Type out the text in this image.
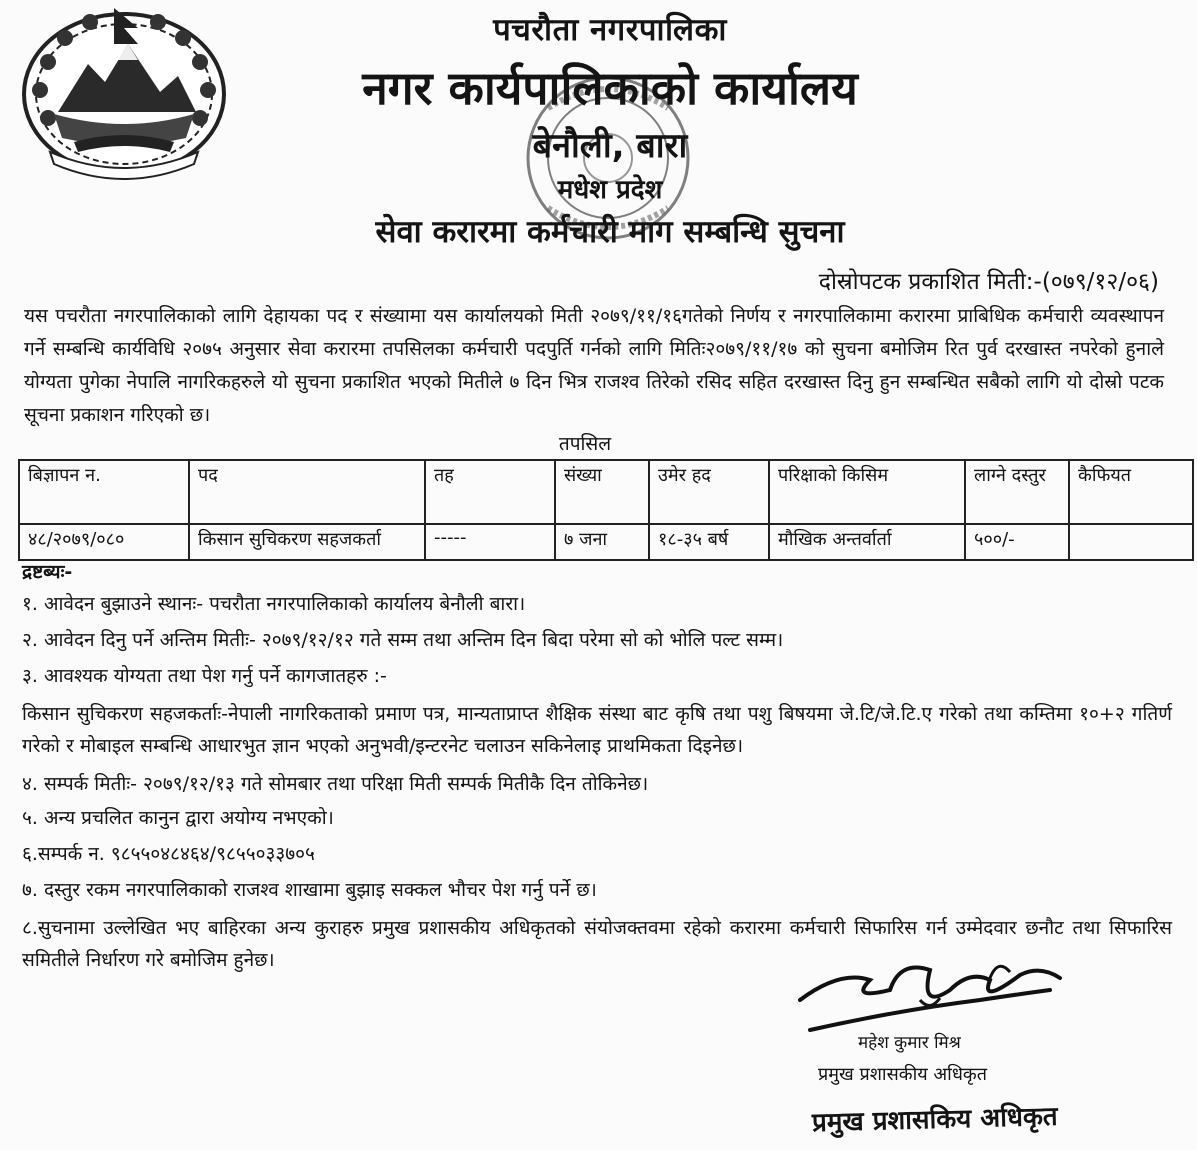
पचरौता नगरपालिका
नगर कार्यपालिकाको कार्यालय
बेनौली, बारा
मधेश प्रदेश
सेवा करारमा कर्मचारी माग सम्बन्धि सुचना
दोस्रोपटक प्रकाशित मिती:-(०७९/१२/०६)
यस पचरौता नगरपालिकाको लागि देहायका पद र संख्यामा यस कार्यालयको मिती २०७९/११/१६गतेको निर्णय र नगरपालिकामा करारमा प्राबिधिक कर्मचारी व्यवस्थापन गर्ने सम्बन्धि कार्यविधि २०७५ अनुसार सेवा करारमा तपसिलका कर्मचारी पदपुर्ति गर्नको लागि मितिः२०७९/११/१७ को सुचना बमोजिम रित पुर्व दरखास्त नपरेको हुनाले योग्यता पुगेका नेपालि नागरिकहरुले यो सुचना प्रकाशित भएको मितीले ७ दिन भित्र राजश्व तिरेको रसिद सहित दरखास्त दिनु हुन सम्बन्धित सबैको लागि यो दोस्रो पटक सूचना प्रकाशन गरिएको छ।
तपसिल
बिज्ञापन न.	पद	तह	संख्या	उमेर हद	परिक्षाको किसिम	लाग्ने दस्तुर	कैफियत
४८/२०७९/०८०	किसान सुचिकरण सहजकर्ता	-----	७ जना	१८-३५ बर्ष	मौखिक अन्तर्वार्ता	५००/-	
द्रष्टब्यः-
१. आवेदन बुझाउने स्थानः- पचरौता नगरपालिकाको कार्यालय बेनौली बारा।
२. आवेदन दिनु पर्ने अन्तिम मितीः- २०७९/१२/१२ गते सम्म तथा अन्तिम दिन बिदा परेमा सो को भोलि पल्ट सम्म।
३. आवश्यक योग्यता तथा पेश गर्नु पर्ने कागजातहरु :-
किसान सुचिकरण सहजकर्ताः-नेपाली नागरिकताको प्रमाण पत्र, मान्यताप्राप्त शैक्षिक संस्था बाट कृषि तथा पशु बिषयमा जे.टि/जे.टि.ए गरेको तथा कम्तिमा १०+२ गतिर्ण गरेको र मोबाइल सम्बन्धि आधारभुत ज्ञान भएको अनुभवी/इन्टरनेट चलाउन सकिनेलाइ प्राथमिकता दिइनेछ।
४. सम्पर्क मितीः- २०७९/१२/१३ गते सोमबार तथा परिक्षा मिती सम्पर्क मितीकै दिन तोकिनेछ।
५. अन्य प्रचलित कानुन द्वारा अयोग्य नभएको।
६.सम्पर्क न. ९८५५०४८४६४/९८५५०३३७०५
७. दस्तुर रकम नगरपालिकाको राजश्व शाखामा बुझाइ सक्कल भौचर पेश गर्नु पर्ने छ।
८.सुचनामा उल्लेखित भए बाहिरका अन्य कुराहरु प्रमुख प्रशासकीय अधिकृतको संयोजक्तवमा रहेको करारमा कर्मचारी सिफारिस गर्न उम्मेदवार छनौट तथा सिफारिस समितीले निर्धारण गरे बमोजिम हुनेछ।
महेश कुमार मिश्र
प्रमुख प्रशासकीय अधिकृत
प्रमुख प्रशासकिय अधिकृत
